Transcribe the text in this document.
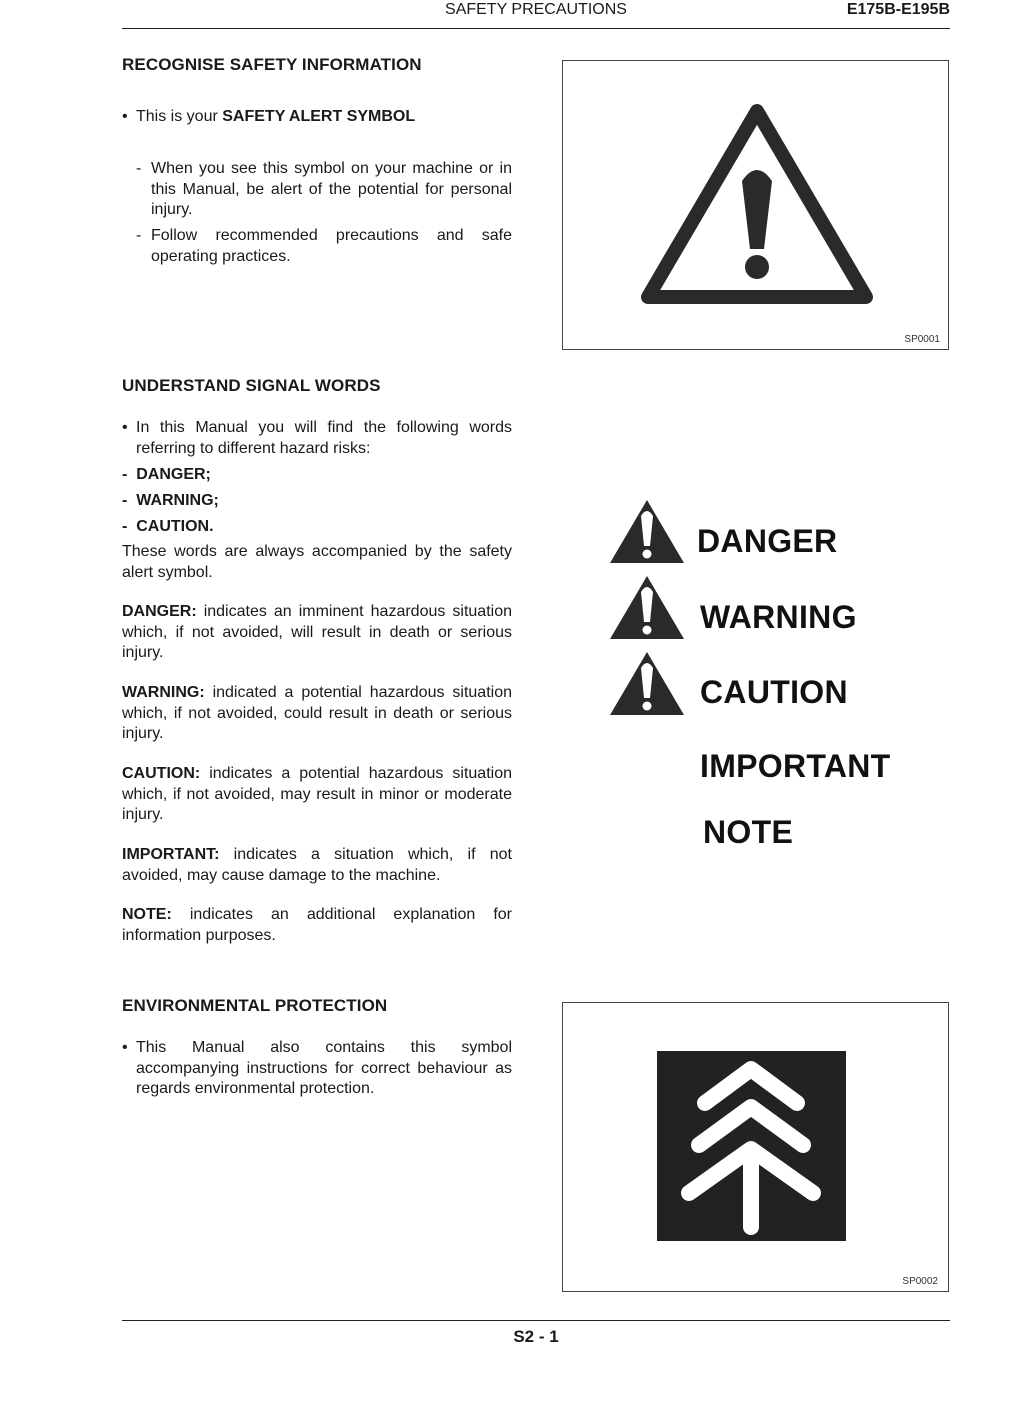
SAFETY PRECAUTIONS	E175B-E195B
RECOGNISE SAFETY INFORMATION
• This is your SAFETY ALERT SYMBOL
- When you see this symbol on your machine or in this Manual, be alert of the potential for personal injury.
- Follow recommended precautions and safe operating practices.
SP0001
UNDERSTAND SIGNAL WORDS
• In this Manual you will find the following words referring to different hazard risks:
-  DANGER;
-  WARNING;
-  CAUTION.
These words are always accompanied by the safety alert symbol.
DANGER: indicates an imminent hazardous situation which, if not avoided, will result in death or serious injury.
WARNING: indicated a potential hazardous situation which, if not avoided, could result in death or serious injury.
CAUTION: indicates a potential hazardous situation which, if not avoided, may result in minor or moderate injury.
IMPORTANT: indicates a situation which, if not avoided, may cause damage to the machine.
NOTE: indicates an additional explanation for information purposes.
DANGER
WARNING
CAUTION
IMPORTANT
NOTE
ENVIRONMENTAL PROTECTION
• This Manual also contains this symbol accompanying instructions for correct behaviour as regards environmental protection.
SP0002
S2 - 1
